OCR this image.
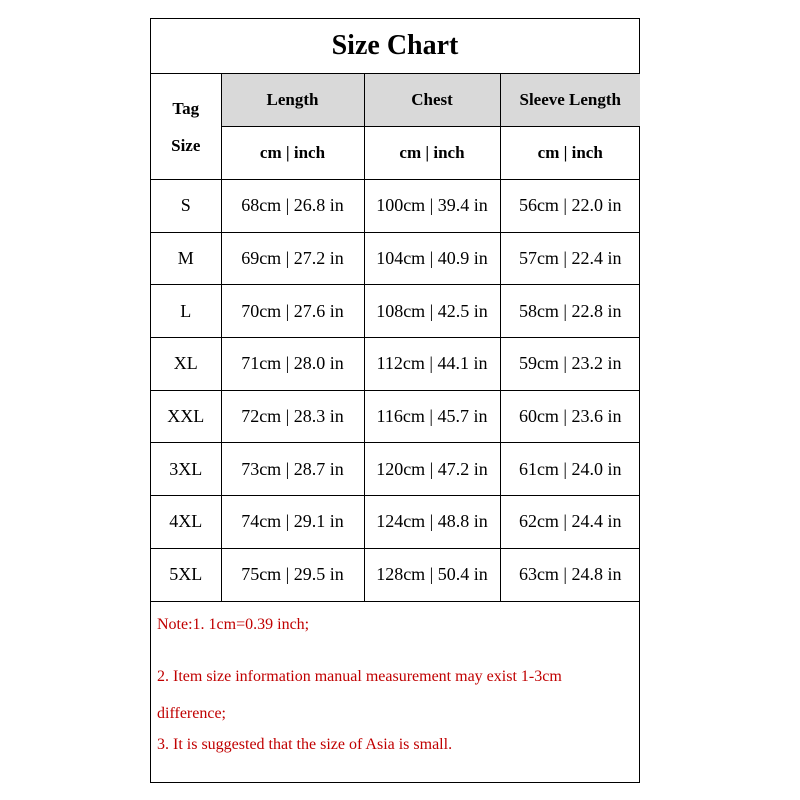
Size Chart
Tag
Size	Length	Chest	Sleeve Length
	cm | inch	cm | inch	cm | inch
S	68cm | 26.8 in	100cm | 39.4 in	56cm | 22.0 in
M	69cm | 27.2 in	104cm | 40.9 in	57cm | 22.4 in
L	70cm | 27.6 in	108cm | 42.5 in	58cm | 22.8 in
XL	71cm | 28.0 in	112cm | 44.1 in	59cm | 23.2 in
XXL	72cm | 28.3 in	116cm | 45.7 in	60cm | 23.6 in
3XL	73cm | 28.7 in	120cm | 47.2 in	61cm | 24.0 in
4XL	74cm | 29.1 in	124cm | 48.8 in	62cm | 24.4 in
5XL	75cm | 29.5 in	128cm | 50.4 in	63cm | 24.8 in
Note:1. 1cm=0.39 inch;
2. Item size information manual measurement may exist 1-3cm difference;
3. It is suggested that the size of Asia is small.
